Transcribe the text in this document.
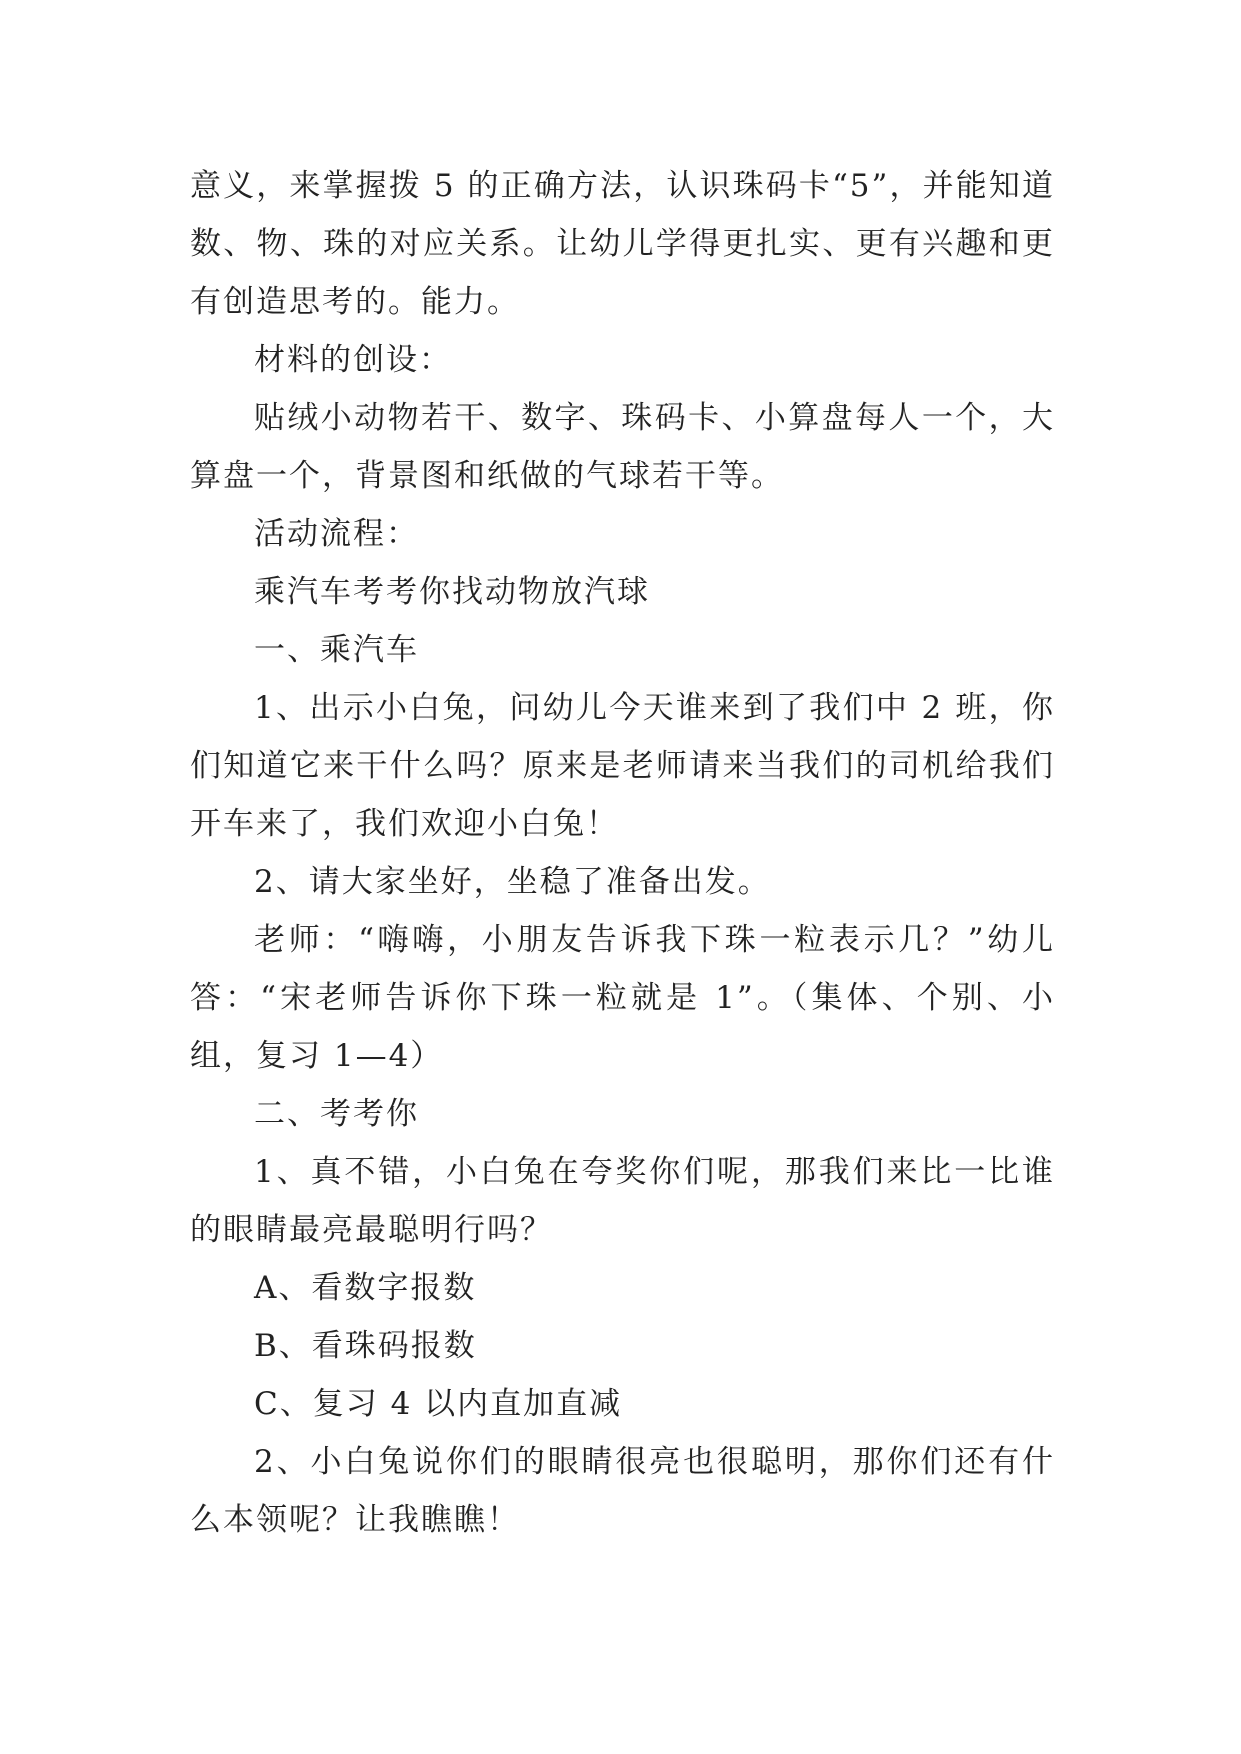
意义，来掌握拨 5 的正确方法，认识珠码卡“5”，并能知道数、物、珠的对应关系。让幼儿学得更扎实、更有兴趣和更有创造思考的。能力。

材料的创设：

贴绒小动物若干、数字、珠码卡、小算盘每人一个，大算盘一个，背景图和纸做的气球若干等。

活动流程：

乘汽车考考你找动物放汽球

一、乘汽车

1、出示小白兔，问幼儿今天谁来到了我们中 2 班，你们知道它来干什么吗？原来是老师请来当我们的司机给我们开车来了，我们欢迎小白兔！

2、请大家坐好，坐稳了准备出发。

老师：“嗨嗨，小朋友告诉我下珠一粒表示几？”幼儿答：“宋老师告诉你下珠一粒就是 1”。（集体、个别、小组，复习 1—4）

二、考考你

1、真不错，小白兔在夸奖你们呢，那我们来比一比谁的眼睛最亮最聪明行吗？

A、看数字报数

B、看珠码报数

C、复习 4 以内直加直减

2、小白兔说你们的眼睛很亮也很聪明，那你们还有什么本领呢？让我瞧瞧！
